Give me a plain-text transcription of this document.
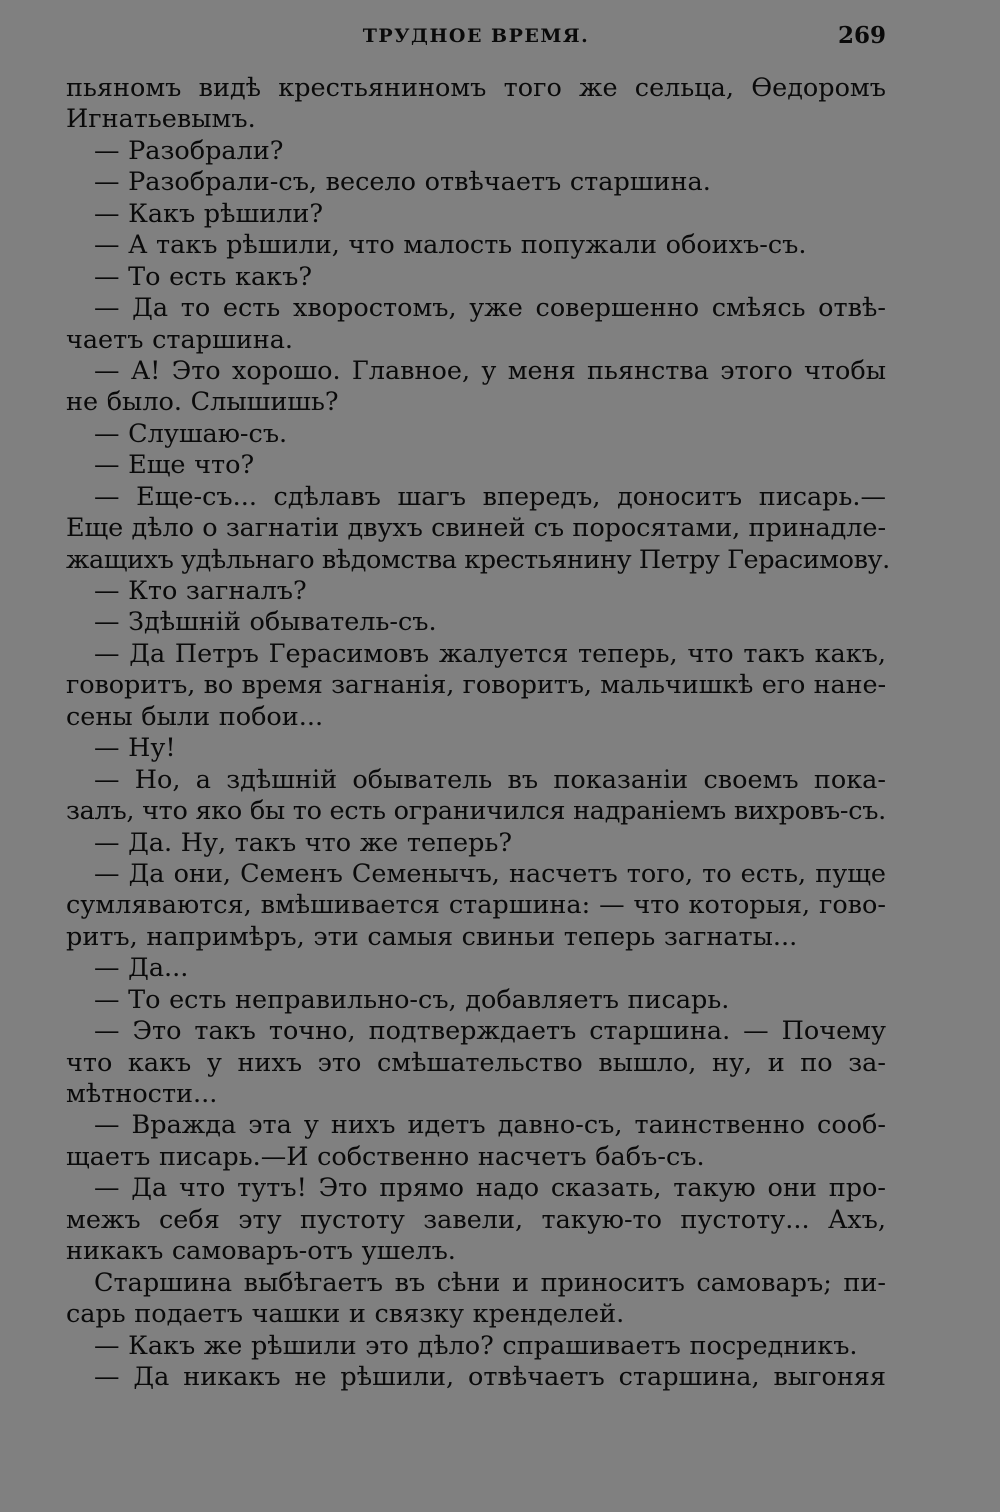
ТРУДНОЕ ВРЕМЯ.	269
пьяномъ видѣ крестьяниномъ того же сельца, Ѳедоромъ
Игнатьевымъ.
— Разобрали?
— Разобрали-съ, весело отвѣчаетъ старшина.
— Какъ рѣшили?
— А такъ рѣшили, что малость попужали обоихъ-съ.
— То есть какъ?
— Да то есть хворостомъ, уже совершенно смѣясь отвѣ-
чаетъ старшина.
— А! Это хорошо. Главное, у меня пьянства этого чтобы
не было. Слышишь?
— Слушаю-съ.
— Еще что?
— Еще-съ... сдѣлавъ шагъ впередъ, доноситъ писарь.—
Еще дѣло о загнатіи двухъ свиней съ поросятами, принадле-
жащихъ удѣльнаго вѣдомства крестьянину Петру Герасимову.
— Кто загналъ?
— Здѣшній обыватель-съ.
— Да Петръ Герасимовъ жалуется теперь, что такъ какъ,
говоритъ, во время загнанія, говоритъ, мальчишкѣ его нане-
сены были побои...
— Ну!
— Но, а здѣшній обыватель въ показаніи своемъ пока-
залъ, что яко бы то есть ограничился надраніемъ вихровъ-съ.
— Да. Ну, такъ что же теперь?
— Да они, Семенъ Семенычъ, насчетъ того, то есть, пуще
сумляваются, вмѣшивается старшина: — что которыя, гово-
ритъ, напримѣръ, эти самыя свиньи теперь загнаты...
— Да...
— То есть неправильно-съ, добавляетъ писарь.
— Это такъ точно, подтверждаетъ старшина. — Почему
что какъ у нихъ это смѣшательство вышло, ну, и по за-
мѣтности...
— Вражда эта у нихъ идетъ давно-съ, таинственно сооб-
щаетъ писарь.—И собственно насчетъ бабъ-съ.
— Да что тутъ! Это прямо надо сказать, такую они про-
межъ себя эту пустоту завели, такую-то пустоту... Ахъ,
никакъ самоваръ-отъ ушелъ.
Старшина выбѣгаетъ въ сѣни и приноситъ самоваръ; пи-
сарь подаетъ чашки и связку кренделей.
— Какъ же рѣшили это дѣло? спрашиваетъ посредникъ.
— Да никакъ не рѣшили, отвѣчаетъ старшина, выгоняя
